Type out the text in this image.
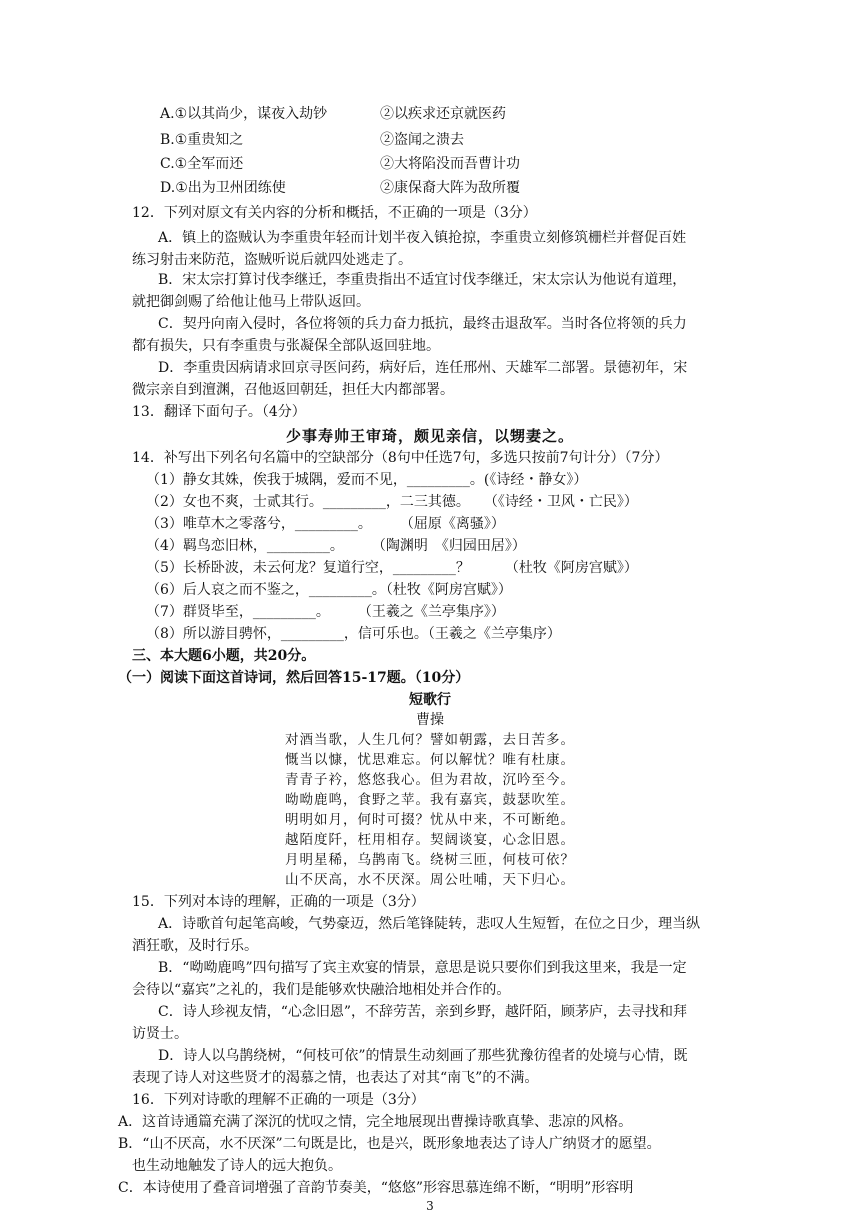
A.①以其尚少，谋夜入劫钞	②以疾求还京就医药
B.①重贵知之	②盗闻之溃去
C.①全军而还	②大将陷没而吾曹计功
D.①出为卫州团练使	②康保裔大阵为敌所覆
12．下列对原文有关内容的分析和概括，不正确的一项是（3分）
A．镇上的盗贼认为李重贵年轻而计划半夜入镇抢掠，李重贵立刻修筑栅栏并督促百姓
练习射击来防范，盗贼听说后就四处逃走了。
B．宋太宗打算讨伐李继迁，李重贵指出不适宜讨伐李继迁，宋太宗认为他说有道理，
就把御剑赐了给他让他马上带队返回。
C．契丹向南入侵时，各位将领的兵力奋力抵抗，最终击退敌军。当时各位将领的兵力
都有损失，只有李重贵与张凝保全部队返回驻地。
D．李重贵因病请求回京寻医问药，病好后，连任邢州、天雄军二部署。景德初年，宋
微宗亲自到澶渊，召他返回朝廷，担任大内都部署。
13．翻译下面句子。（4分）
少事寿帅王审琦，颇见亲信，以甥妻之。
14．补写出下列名句名篇中的空缺部分（8句中任选7句，多选只按前7句计分）（7分）
（1）静女其姝，俟我于城隅，爱而不见，_________。(《诗经・静女》）
（2）女也不爽，士贰其行。_________，二三其德。　　（《诗经・卫风・亡民》）
（3）唯草木之零落兮，_________。　　　（屈原《离骚》）
（4）羁鸟恋旧林，_________。　　　（陶渊明　《归园田居》）
（5）长桥卧波，未云何龙？复道行空，_________？　　　（杜牧《阿房宫赋》）
（6）后人哀之而不鉴之，_________。（杜牧《阿房宫赋》）
（7）群贤毕至，_________。　　　（王羲之《兰亭集序》）
（8）所以游目骋怀，_________，信可乐也。（王羲之《兰亭集序）
三、本大题6小题，共20分。
（一）阅读下面这首诗词，然后回答15-17题。（10分）
短歌行
曹操
对酒当歌，人生几何？譬如朝露，去日苦多。
慨当以慷，忧思难忘。何以解忧？唯有杜康。
青青子衿，悠悠我心。但为君故，沉吟至今。
呦呦鹿鸣，食野之苹。我有嘉宾，鼓瑟吹笙。
明明如月，何时可掇？忧从中来，不可断绝。
越陌度阡，枉用相存。契阔谈宴，心念旧恩。
月明星稀，乌鹊南飞。绕树三匝，何枝可依？
山不厌高，水不厌深。周公吐哺，天下归心。
15．下列对本诗的理解，正确的一项是（3分）
A．诗歌首句起笔高峻，气势豪迈，然后笔锋陡转，悲叹人生短暂，在位之日少，理当纵
酒狂歌，及时行乐。
B．“呦呦鹿鸣”四句描写了宾主欢宴的情景，意思是说只要你们到我这里来，我是一定
会待以“嘉宾”之礼的，我们是能够欢快融洽地相处并合作的。
C．诗人珍视友情，“心念旧恩”，不辞劳苦，亲到乡野，越阡陌，顾茅庐，去寻找和拜
访贤士。
D．诗人以乌鹊绕树，“何枝可依”的情景生动刻画了那些犹豫彷徨者的处境与心情，既
表现了诗人对这些贤才的渴慕之情，也表达了对其“南飞”的不满。
16．下列对诗歌的理解不正确的一项是（3分）
A．这首诗通篇充满了深沉的忧叹之情，完全地展现出曹操诗歌真挚、悲凉的风格。
B．“山不厌高，水不厌深”二句既是比，也是兴，既形象地表达了诗人广纳贤才的愿望。
也生动地触发了诗人的远大抱负。
C．本诗使用了叠音词增强了音韵节奏美，“悠悠”形容思慕连绵不断，“明明”形容明
3
